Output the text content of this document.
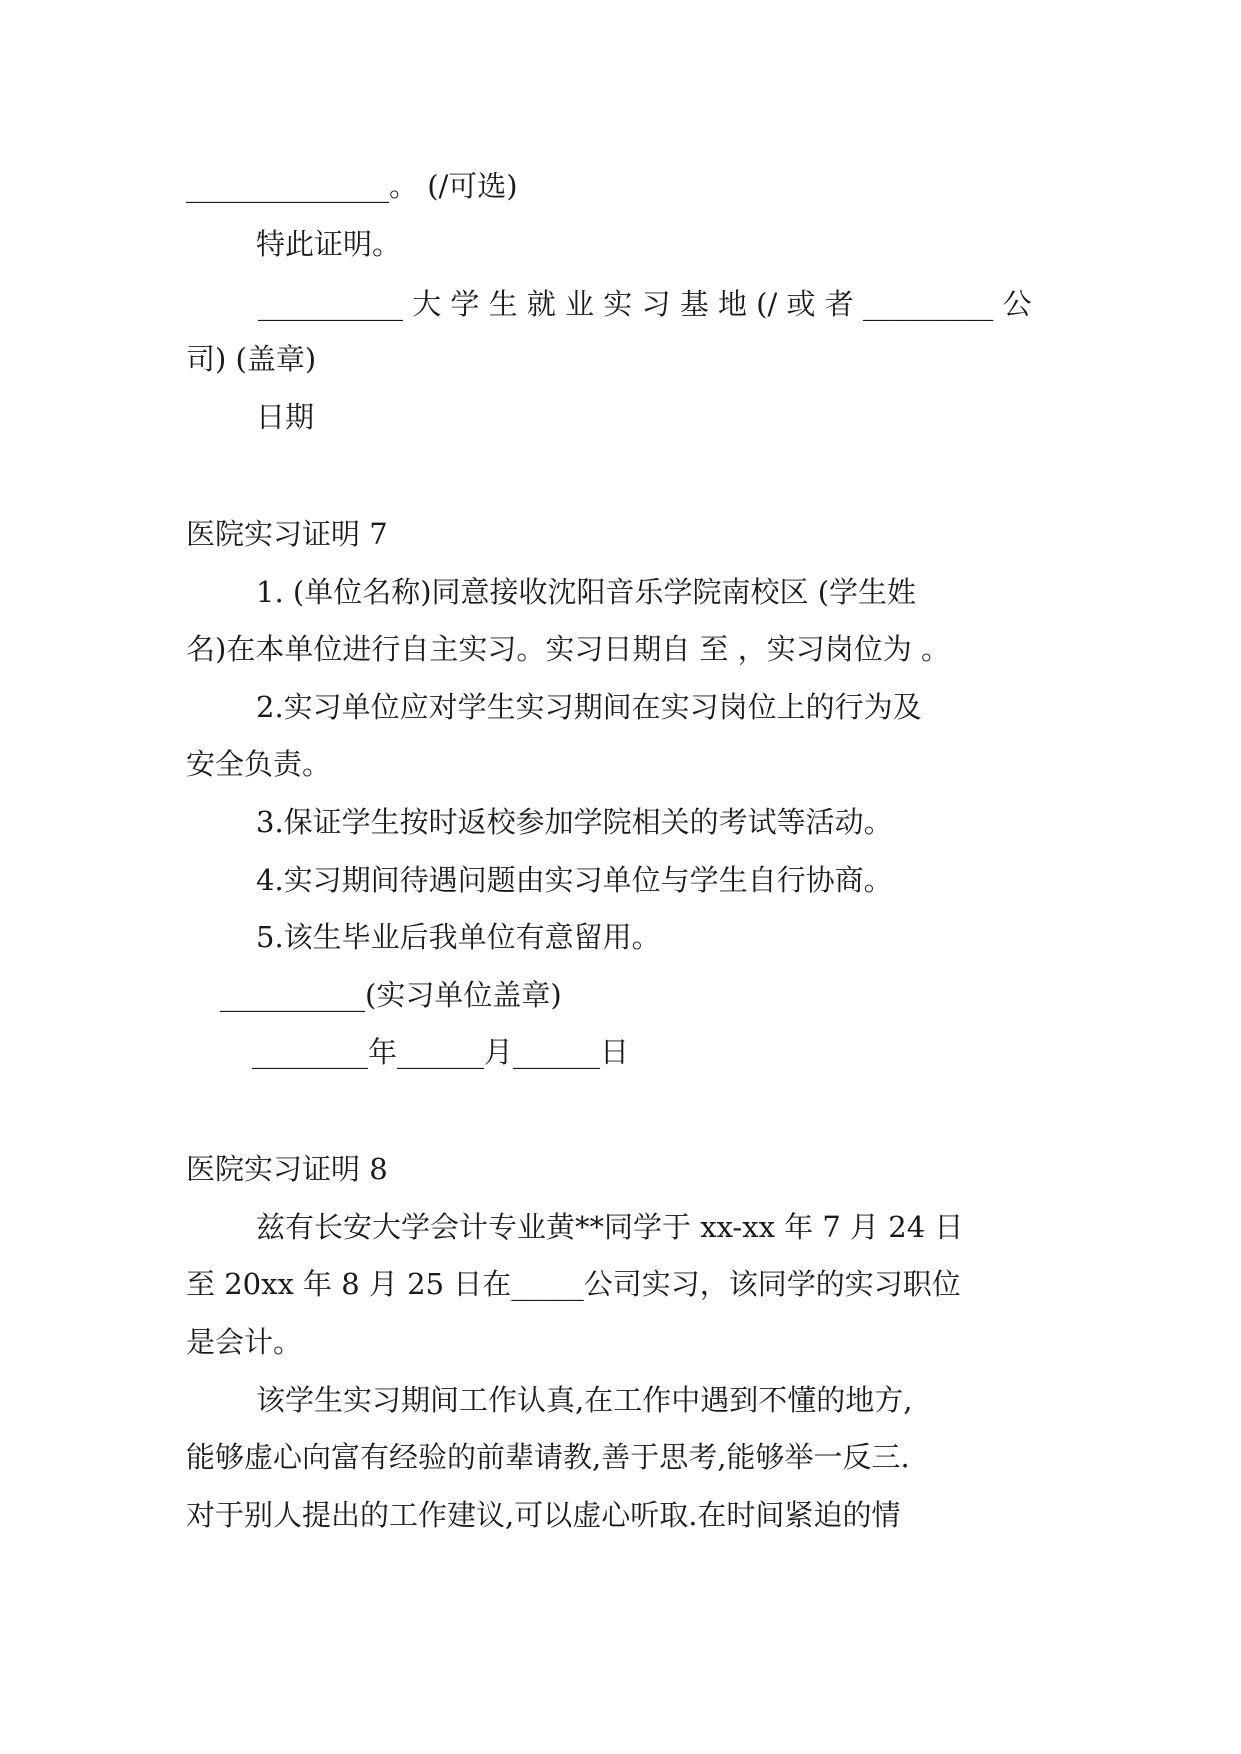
______________。 (/可选)
特此证明。
__________ 大 学 生 就 业 实 习 基 地 (/ 或 者 _________ 公
司) (盖章)
日期
医院实习证明 7
1. (单位名称)同意接收沈阳音乐学院南校区 (学生姓
名)在本单位进行自主实习。实习日期自 至 ，实习岗位为 。
2.实习单位应对学生实习期间在实习岗位上的行为及
安全负责。
3.保证学生按时返校参加学院相关的考试等活动。
4.实习期间待遇问题由实习单位与学生自行协商。
5.该生毕业后我单位有意留用。
__________(实习单位盖章)
________年______月______日
医院实习证明 8
兹有长安大学会计专业黄**同学于 xx-xx 年 7 月 24 日
至 20xx 年 8 月 25 日在_____公司实习，该同学的实习职位
是会计。
该学生实习期间工作认真,在工作中遇到不懂的地方,
能够虚心向富有经验的前辈请教,善于思考,能够举一反三.
对于别人提出的工作建议,可以虚心听取.在时间紧迫的情
